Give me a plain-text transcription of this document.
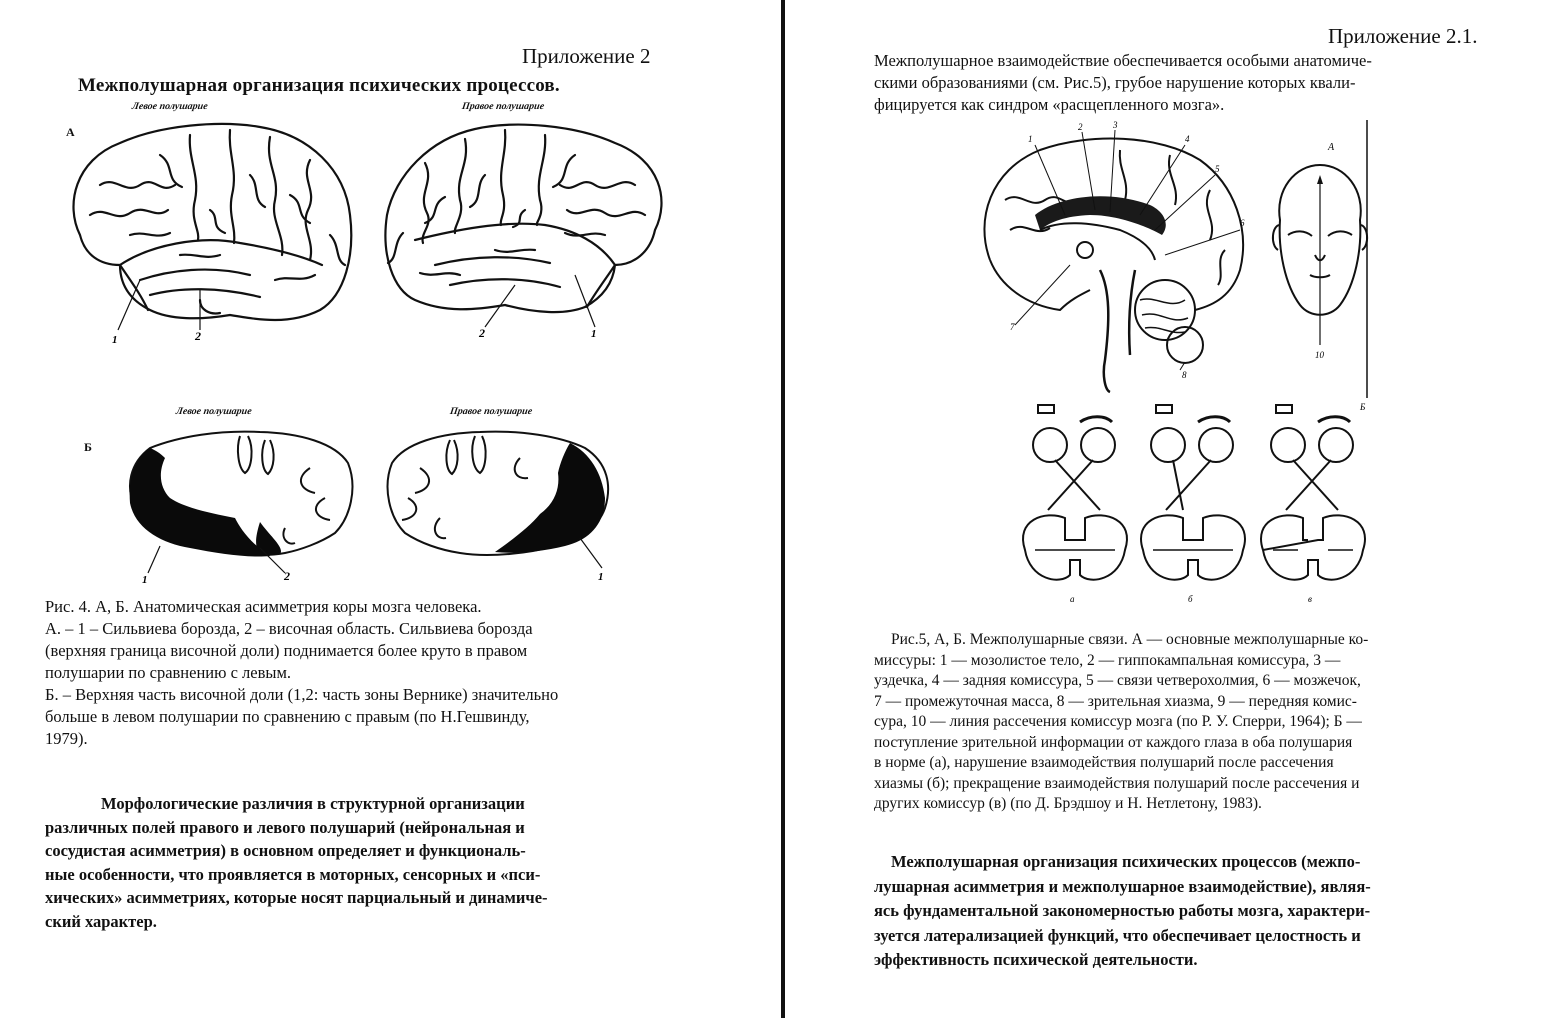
Приложение 2
Межполушарная организация психических процессов.
Левое полушарие	Правое полушарие
А
1	2	2	1
Левое полушарие	Правое полушарие
Б
1	2	1
Рис. 4. А, Б. Анатомическая асимметрия коры мозга человека.
А. – 1 – Сильвиева борозда, 2 – височная область. Сильвиева борозда
(верхняя граница височной доли) поднимается более круто в правом
полушарии по сравнению с левым.
Б. – Верхняя часть височной доли (1,2: часть зоны Вернике) значительно
больше в левом полушарии по сравнению с правым (по Н.Гешвинду,
1979).
Морфологические различия в структурной организации
различных полей правого и левого полушарий (нейрональная и
сосудистая асимметрия) в основном определяет и функциональ-
ные особенности, что проявляется в моторных, сенсорных и «пси-
хических» асимметриях, которые носят парциальный и динамиче-
ский характер.
Приложение 2.1.
Межполушарное взаимодействие обеспечивается особыми анатомиче-
скими образованиями (см. Рис.5), грубое нарушение которых квали-
фицируется как синдром «расщепленного мозга».
1
2	3
4
5
6
7
8
А
10
Б
а	б	в
Рис.5, А, Б. Межполушарные связи. А — основные межполушарные ко-
миссуры: 1 — мозолистое тело, 2 — гиппокампальная комиссура, 3 —
уздечка, 4 — задняя комиссура, 5 — связи четверохолмия, 6 — мозжечок,
7 — промежуточная масса, 8 — зрительная хиазма, 9 — передняя комис-
сура, 10 — линия рассечения комиссур мозга (по Р. У. Сперри, 1964); Б —
поступление зрительной информации от каждого глаза в оба полушария
в норме (а), нарушение взаимодействия полушарий после рассечения
хиазмы (б); прекращение взаимодействия полушарий после рассечения и
других комиссур (в) (по Д. Брэдшоу и Н. Нетлетону, 1983).
Межполушарная организация психических процессов (межпо-
лушарная асимметрия и межполушарное взаимодействие), являя-
ясь фундаментальной закономерностью работы мозга, характери-
зуется латерализацией функций, что обеспечивает целостность и
эффективность психической деятельности.
